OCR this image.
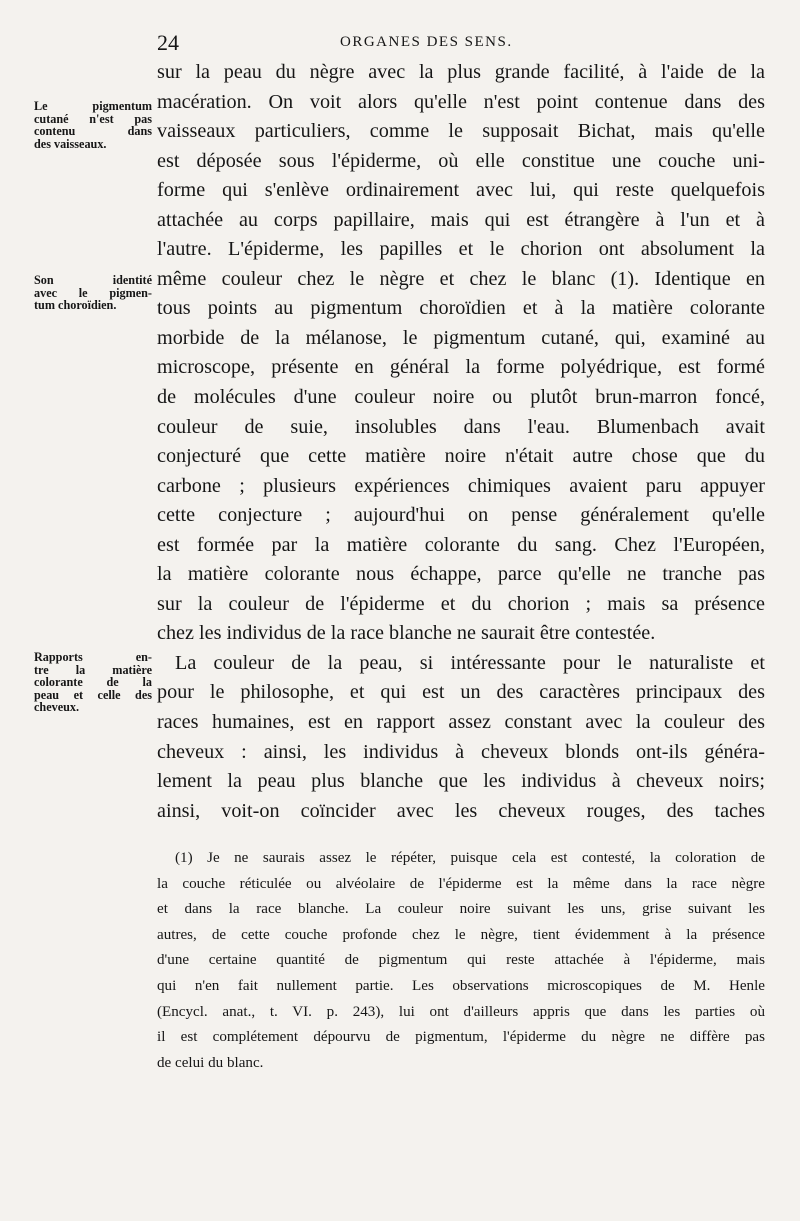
24	ORGANES DES SENS.
Le pigmentum
cutané n'est pas
contenu dans
des vaisseaux.
Son identité
avec le pigmen-
tum choroïdien.
Rapports en-
tre la matière
colorante de la
peau et celle des
cheveux.
sur la peau du nègre avec la plus grande facilité, à l'aide de la
macération. On voit alors qu'elle n'est point contenue dans des
vaisseaux particuliers, comme le supposait Bichat, mais qu'elle
est déposée sous l'épiderme, où elle constitue une couche uni-
forme qui s'enlève ordinairement avec lui, qui reste quelquefois
attachée au corps papillaire, mais qui est étrangère à l'un et à
l'autre. L'épiderme, les papilles et le chorion ont absolument la
même couleur chez le nègre et chez le blanc (1). Identique en
tous points au pigmentum choroïdien et à la matière colorante
morbide de la mélanose, le pigmentum cutané, qui, examiné au
microscope, présente en général la forme polyédrique, est formé
de molécules d'une couleur noire ou plutôt brun-marron foncé,
couleur de suie, insolubles dans l'eau. Blumenbach avait
conjecturé que cette matière noire n'était autre chose que du
carbone ; plusieurs expériences chimiques avaient paru appuyer
cette conjecture ; aujourd'hui on pense généralement qu'elle
est formée par la matière colorante du sang. Chez l'Européen,
la matière colorante nous échappe, parce qu'elle ne tranche pas
sur la couleur de l'épiderme et du chorion ; mais sa présence
chez les individus de la race blanche ne saurait être contestée.
La couleur de la peau, si intéressante pour le naturaliste et
pour le philosophe, et qui est un des caractères principaux des
races humaines, est en rapport assez constant avec la couleur des
cheveux : ainsi, les individus à cheveux blonds ont-ils généra-
lement la peau plus blanche que les individus à cheveux noirs;
ainsi, voit-on coïncider avec les cheveux rouges, des taches
(1) Je ne saurais assez le répéter, puisque cela est contesté, la coloration de
la couche réticulée ou alvéolaire de l'épiderme est la même dans la race nègre
et dans la race blanche. La couleur noire suivant les uns, grise suivant les
autres, de cette couche profonde chez le nègre, tient évidemment à la présence
d'une certaine quantité de pigmentum qui reste attachée à l'épiderme, mais
qui n'en fait nullement partie. Les observations microscopiques de M. Henle
(Encycl. anat., t. VI. p. 243), lui ont d'ailleurs appris que dans les parties où
il est complétement dépourvu de pigmentum, l'épiderme du nègre ne diffère pas
de celui du blanc.
